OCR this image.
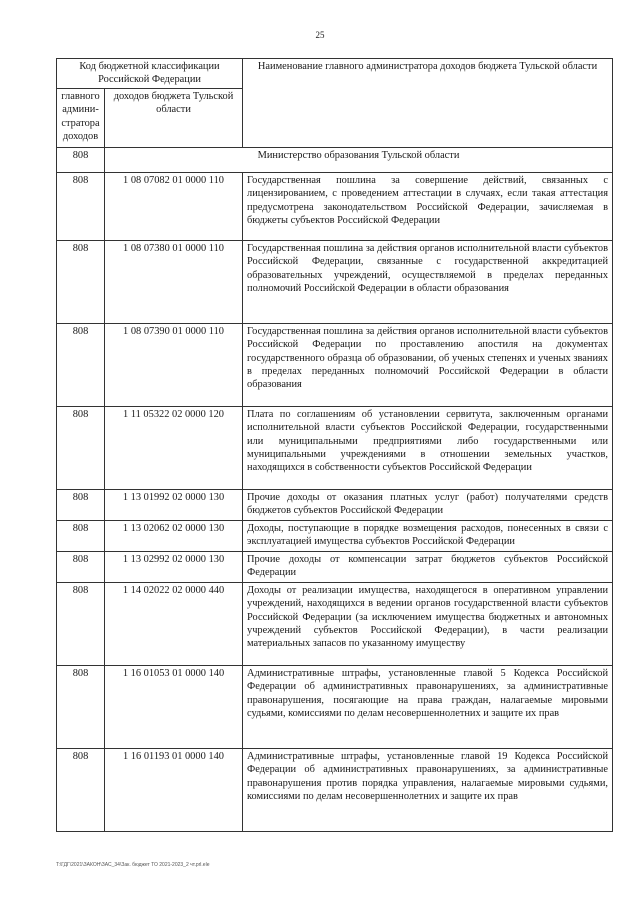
25
Код бюджетной классификации Российской Федерации		Наименование главного администратора доходов бюджета Тульской области
главного админи-стратора доходов	доходов бюджета Тульской области	
808	Министерство образования Тульской области	
808	1 08 07082 01 0000 110	Государственная пошлина за совершение действий, связанных с лицензированием, с проведением аттестации в случаях, если такая аттестация предусмотрена законодательством Российской Федерации, зачисляемая в бюджеты субъектов Российской Федерации
808	1 08 07380 01 0000 110	Государственная пошлина за действия органов исполнительной власти субъектов Российской Федерации, связанные с государственной аккредитацией образовательных учреждений, осуществляемой в пределах переданных полномочий Российской Федерации в области образования
808	1 08 07390 01 0000 110	Государственная пошлина за действия органов исполнительной власти субъектов Российской Федерации по проставлению апостиля на документах государственного образца об образовании, об ученых степенях и ученых званиях в пределах переданных полномочий Российской Федерации в области образования
808	1 11 05322 02 0000 120	Плата по соглашениям об установлении сервитута, заключенным органами исполнительной власти субъектов Российской Федерации, государственными или муниципальными предприятиями либо государственными или муниципальными учреждениями в отношении земельных участков, находящихся в собственности субъектов Российской Федерации
808	1 13 01992 02 0000 130	Прочие доходы от оказания платных услуг (работ) получателями средств бюджетов субъектов Российской Федерации
808	1 13 02062 02 0000 130	Доходы, поступающие в порядке возмещения расходов, понесенных в связи с эксплуатацией имущества субъектов Российской Федерации
808	1 13 02992 02 0000 130	Прочие доходы от компенсации затрат бюджетов субъектов Российской Федерации
808	1 14 02022 02 0000 440	Доходы от реализации имущества, находящегося в оперативном управлении учреждений, находящихся в ведении органов государственной власти субъектов Российской Федерации (за исключением имущества бюджетных и автономных учреждений субъектов Российской Федерации), в части реализации материальных запасов по указанному имуществу
808	1 16 01053 01 0000 140	Административные штрафы, установленные главой 5 Кодекса Российской Федерации об административных правонарушениях, за административные правонарушения, посягающие на права граждан, налагаемые мировыми судьями, комиссиями по делам несовершеннолетних и защите их прав
808	1 16 01193 01 0000 140	Административные штрафы, установленные главой 19 Кодекса Российской Федерации об административных правонарушениях, за административные правонарушения против порядка управления, налагаемые мировыми судьями, комиссиями по делам несовершеннолетних и защите их прав
T:\ГДГ\2021\ЗАКОН\ЗАС_34\Зак. бюджет ТО 2021-2023_2 чт.prl.ele
